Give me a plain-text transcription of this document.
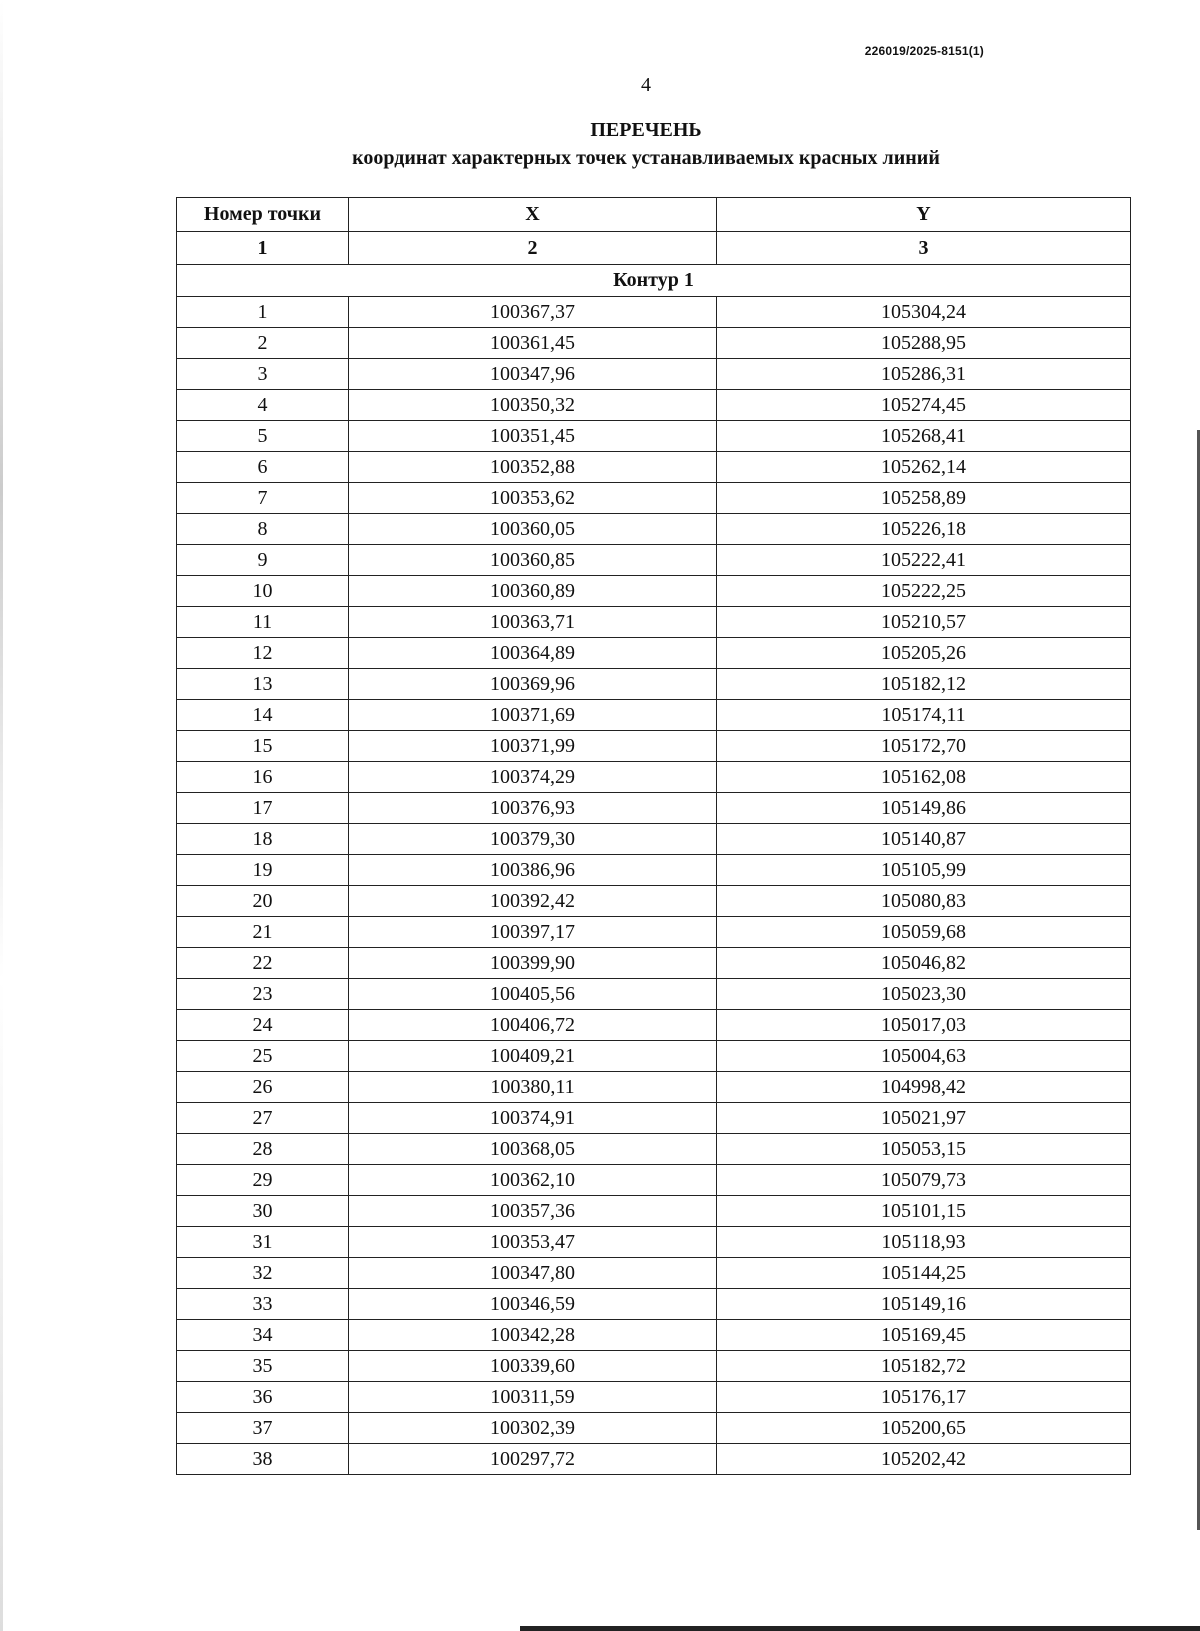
226019/2025-8151(1)
4
ПЕРЕЧЕНЬ
координат характерных точек устанавливаемых красных линий
Номер точки	X	Y
1	2	3
Контур 1		
1	100367,37	105304,24
2	100361,45	105288,95
3	100347,96	105286,31
4	100350,32	105274,45
5	100351,45	105268,41
6	100352,88	105262,14
7	100353,62	105258,89
8	100360,05	105226,18
9	100360,85	105222,41
10	100360,89	105222,25
11	100363,71	105210,57
12	100364,89	105205,26
13	100369,96	105182,12
14	100371,69	105174,11
15	100371,99	105172,70
16	100374,29	105162,08
17	100376,93	105149,86
18	100379,30	105140,87
19	100386,96	105105,99
20	100392,42	105080,83
21	100397,17	105059,68
22	100399,90	105046,82
23	100405,56	105023,30
24	100406,72	105017,03
25	100409,21	105004,63
26	100380,11	104998,42
27	100374,91	105021,97
28	100368,05	105053,15
29	100362,10	105079,73
30	100357,36	105101,15
31	100353,47	105118,93
32	100347,80	105144,25
33	100346,59	105149,16
34	100342,28	105169,45
35	100339,60	105182,72
36	100311,59	105176,17
37	100302,39	105200,65
38	100297,72	105202,42
